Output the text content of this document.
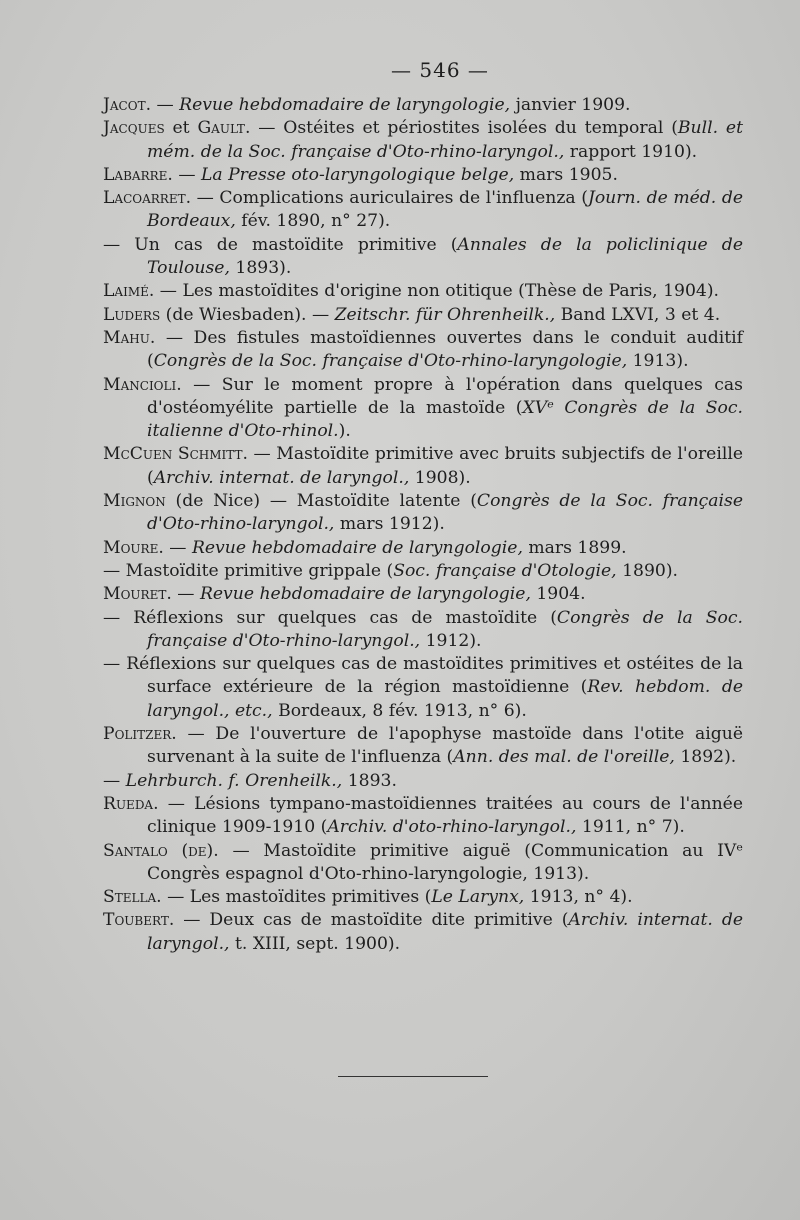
— 546 —

Jacot. — Revue hebdomadaire de laryngologie, janvier 1909.

Jacques et Gault. — Ostéites et périostites isolées du temporal (Bull. et mém. de la Soc. française d'Oto-rhino-laryngol., rapport 1910).

Labarre. — La Presse oto-laryngologique belge, mars 1905.

Lacoarret. — Complications auriculaires de l'influenza (Journ. de méd. de Bordeaux, fév. 1890, n° 27).

— Un cas de mastoïdite primitive (Annales de la policlinique de Toulouse, 1893).

Laimé. — Les mastoïdites d'origine non otitique (Thèse de Paris, 1904).

Luders (de Wiesbaden). — Zeitschr. für Ohrenheilk., Band LXVI, 3 et 4.

Mahu. — Des fistules mastoïdiennes ouvertes dans le conduit auditif (Congrès de la Soc. française d'Oto-rhino-laryngologie, 1913).

Mancioli. — Sur le moment propre à l'opération dans quelques cas d'ostéomyélite partielle de la mastoïde (XVᵉ Congrès de la Soc. italienne d'Oto-rhinol.).

McCuen Schmitt. — Mastoïdite primitive avec bruits subjectifs de l'oreille (Archiv. internat. de laryngol., 1908).

Mignon (de Nice) — Mastoïdite latente (Congrès de la Soc. française d'Oto-rhino-laryngol., mars 1912).

Moure. — Revue hebdomadaire de laryngologie, mars 1899.

— Mastoïdite primitive grippale (Soc. française d'Otologie, 1890).

Mouret. — Revue hebdomadaire de laryngologie, 1904.

— Réflexions sur quelques cas de mastoïdite (Congrès de la Soc. française d'Oto-rhino-laryngol., 1912).

— Réflexions sur quelques cas de mastoïdites primitives et ostéites de la surface extérieure de la région mastoïdienne (Rev. hebdom. de laryngol., etc., Bordeaux, 8 fév. 1913, n° 6).

Politzer. — De l'ouverture de l'apophyse mastoïde dans l'otite aiguë survenant à la suite de l'influenza (Ann. des mal. de l'oreille, 1892).

— Lehrburch. f. Orenheilk., 1893.

Rueda. — Lésions tympano-mastoïdiennes traitées au cours de l'année clinique 1909-1910 (Archiv. d'oto-rhino-laryngol., 1911, n° 7).

Santalo (de). — Mastoïdite primitive aiguë (Communication au IVᵉ Congrès espagnol d'Oto-rhino-laryngologie, 1913).

Stella. — Les mastoïdites primitives (Le Larynx, 1913, n° 4).

Toubert. — Deux cas de mastoïdite dite primitive (Archiv. internat. de laryngol., t. XIII, sept. 1900).
